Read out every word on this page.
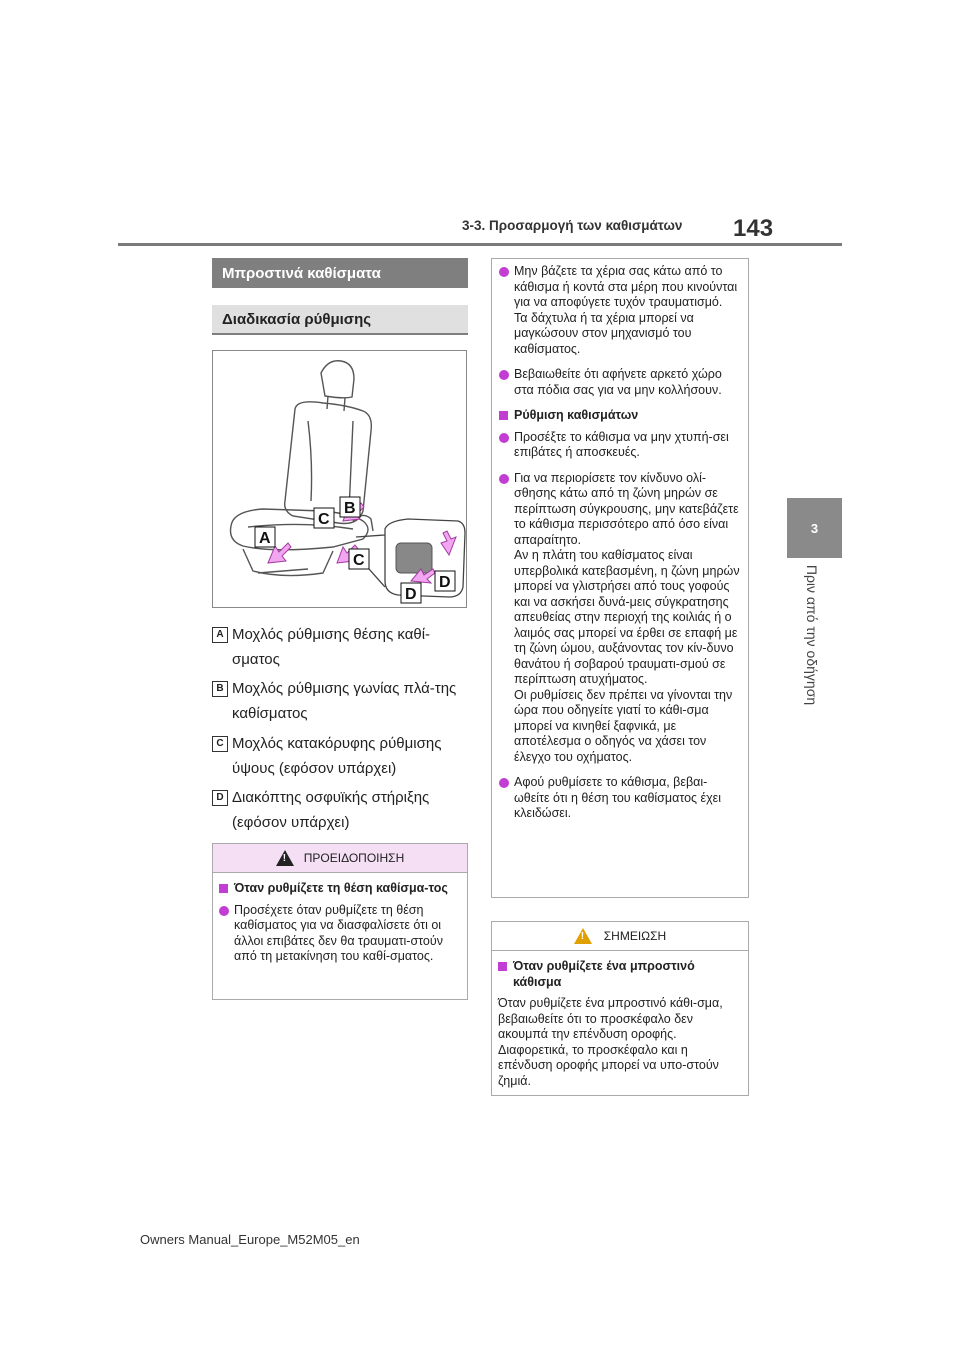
3-3. Προσαρμογή των καθισμάτων 143
3
Πριν από την οδήγηση
Μπροστινά καθίσματα
Διαδικασία ρύθμισης
A
B
C
C
D
D
A Μοχλός ρύθμισης θέσης καθί-σματος
B Μοχλός ρύθμισης γωνίας πλά-της καθίσματος
C Μοχλός κατακόρυφης ρύθμισης ύψους (εφόσον υπάρχει)
D Διακόπτης οσφυϊκής στήριξης (εφόσον υπάρχει)
!
ΠΡΟΕΙΔΟΠΟΙΗΣΗ
Όταν ρυθμίζετε τη θέση καθίσμα-τος
Προσέχετε όταν ρυθμίζετε τη θέση καθίσματος για να διασφαλίσετε ότι οι άλλοι επιβάτες δεν θα τραυματι-στούν από τη μετακίνηση του καθί-σματος.
Μην βάζετε τα χέρια σας κάτω από το κάθισμα ή κοντά στα μέρη που κινούνται για να αποφύγετε τυχόν τραυματισμό.
Τα δάχτυλα ή τα χέρια μπορεί να μαγκώσουν στον μηχανισμό του καθίσματος.
Βεβαιωθείτε ότι αφήνετε αρκετό χώρο στα πόδια σας για να μην κολλήσουν.
Ρύθμιση καθισμάτων
Προσέξτε το κάθισμα να μην χτυπή-σει επιβάτες ή αποσκευές.
Για να περιορίσετε τον κίνδυνο ολί-σθησης κάτω από τη ζώνη μηρών σε περίπτωση σύγκρουσης, μην κατεβάζετε το κάθισμα περισσότερο από όσο είναι απαραίτητο.
Αν η πλάτη του καθίσματος είναι υπερβολικά κατεβασμένη, η ζώνη μηρών μπορεί να γλιστρήσει από τους γοφούς και να ασκήσει δυνά-μεις σύγκρατησης απευθείας στην περιοχή της κοιλιάς ή ο λαιμός σας μπορεί να έρθει σε επαφή με τη ζώνη ώμου, αυξάνοντας τον κίν-δυνο θανάτου ή σοβαρού τραυματι-σμού σε περίπτωση ατυχήματος.
Οι ρυθμίσεις δεν πρέπει να γίνονται την ώρα που οδηγείτε γιατί το κάθι-σμα μπορεί να κινηθεί ξαφνικά, με αποτέλεσμα ο οδηγός να χάσει τον έλεγχο του οχήματος.
Αφού ρυθμίσετε το κάθισμα, βεβαι-ωθείτε ότι η θέση του καθίσματος έχει κλειδώσει.
!
ΣΗΜΕΙΩΣΗ
Όταν ρυθμίζετε ένα μπροστινό κάθισμα
Όταν ρυθμίζετε ένα μπροστινό κάθι-σμα, βεβαιωθείτε ότι το προσκέφαλο δεν ακουμπά την επένδυση οροφής. Διαφορετικά, το προσκέφαλο και η επένδυση οροφής μπορεί να υπο-στούν ζημιά.
Owners Manual_Europe_M52M05_en
